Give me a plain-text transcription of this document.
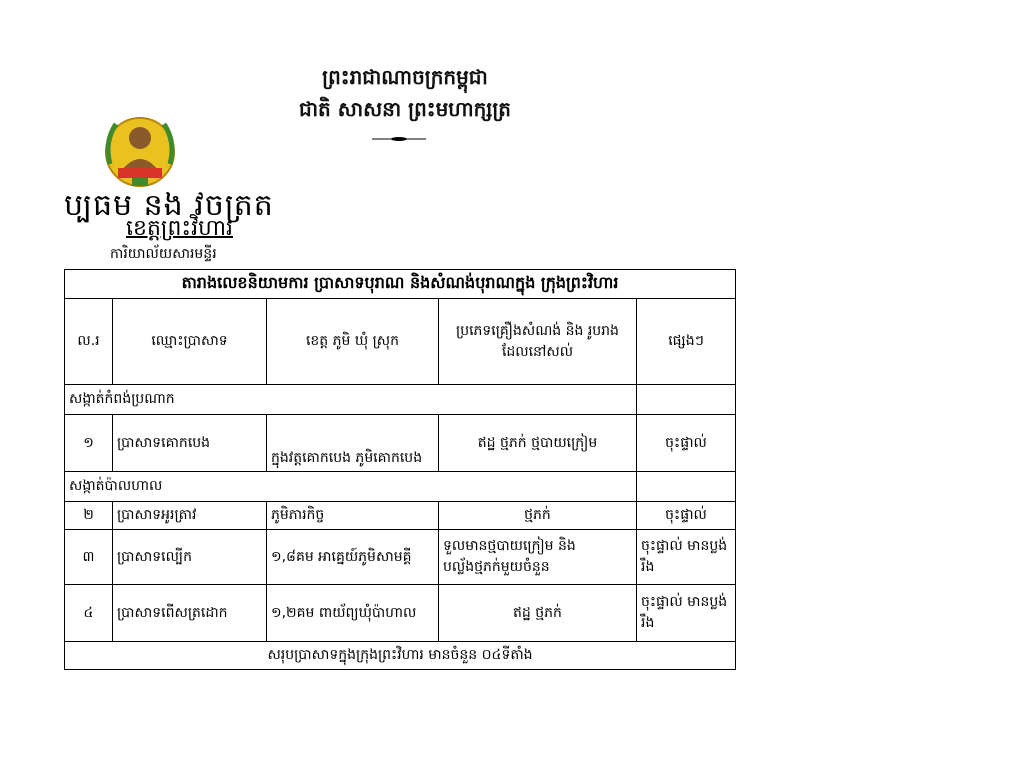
ព្រះរាជាណាចក្រកម្ពុជា
ជាតិ សាសនា ព្រះមហាក្សត្រ
ប្បធម នង វចត្រត
ខេត្តព្រះវិហារ
ការិយាល័យសារមន្ទីរ
តារាងលេខនិយាមការ ប្រាសាទបុរាណ និងសំណង់បុរាណក្នុង ក្រុងព្រះវិហារ				
ល.រ	ឈ្មោះប្រាសាទ	ខេត្ត ភូមិ ឃុំ ស្រុក	ប្រភេទគ្រឿងសំណង់ និង រូបរាង ដែលនៅសល់	ផ្សេងៗ
សង្កាត់កំពង់ប្រណាក				
១	ប្រាសាទគោកបេង	ក្នុងវត្តគោកបេង ភូមិគោកបេង	ឥដ្ឋ ថ្មភក់ ថ្មបាយក្រៀម	ចុះផ្ទាល់
សង្កាត់ប៉ាលហាល				
២	ប្រាសាទអូរត្រាវ	ភូមិភារកិច្ច	ថ្មភក់	ចុះផ្ទាល់
៣	ប្រាសាទល្បើក	១,៨គម អាគ្នេយ៍ភូមិសាមគ្គី	ទួលមានថ្មបាយក្រៀម និងបល្ល័ងថ្មភក់មួយចំនួន	ចុះផ្ទាល់ មានប្លង់រឹង
៤	ប្រាសាទពើសត្រដោក	១,២គម ពាយ័ព្យឃុំប៉ាហាល	ឥដ្ឋ ថ្មភក់	ចុះផ្ទាល់ មានប្លង់រឹង
សរុបប្រាសាទក្នុងក្រុងព្រះវិហារ មានចំនួន ០៤ទីតាំង				
